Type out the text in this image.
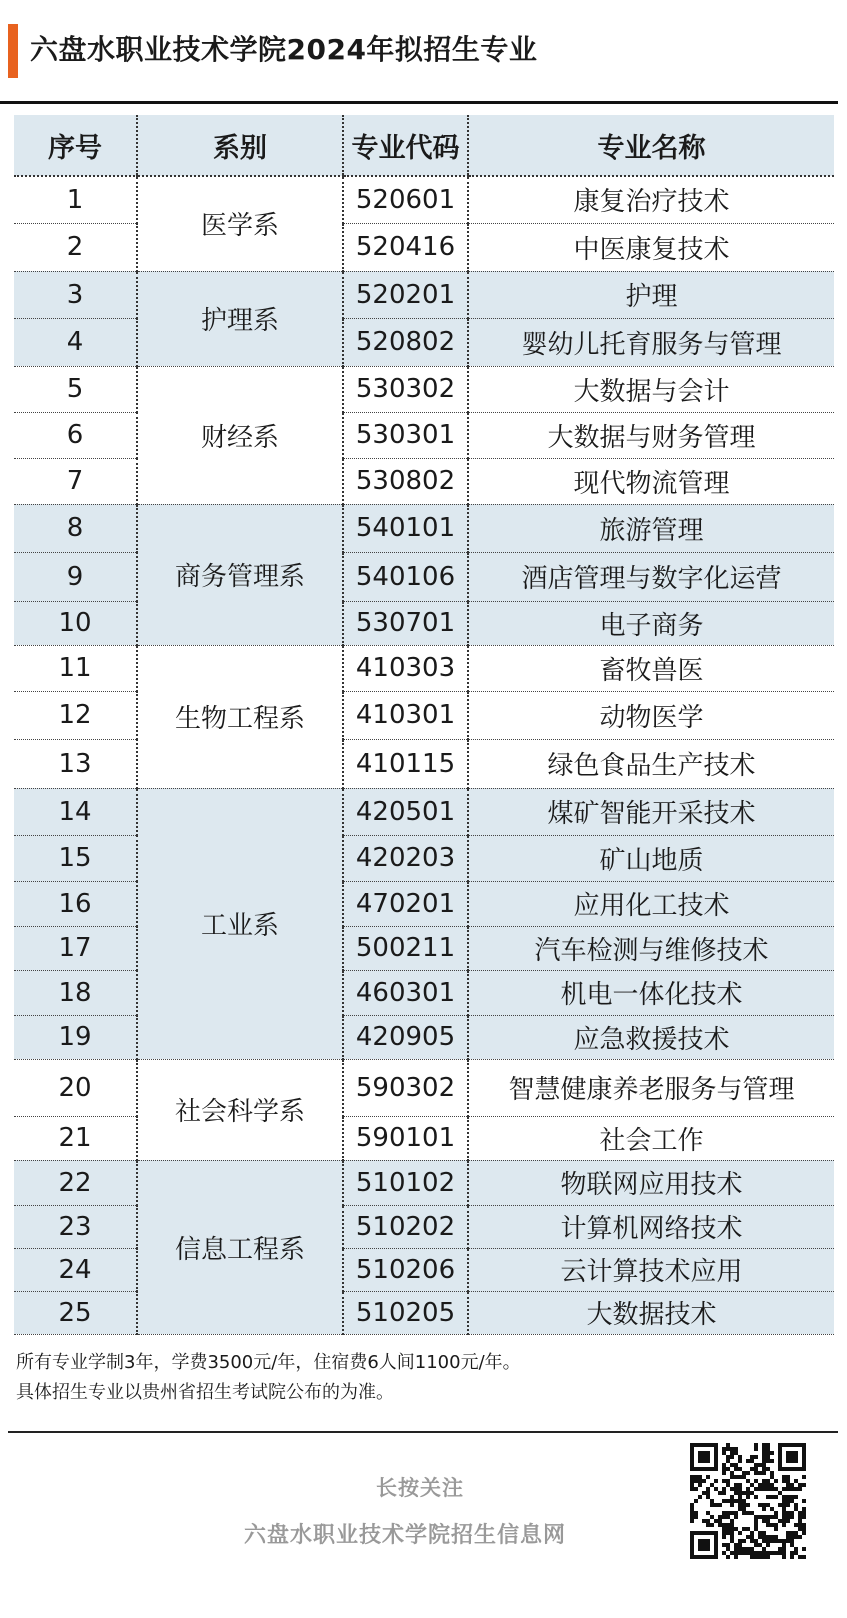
六盘水职业技术学院2024年拟招生专业
序号	系别	专业代码	专业名称
1	医学系	520601	康复治疗技术
2		520416	中医康复技术
3	护理系	520201	护理
4		520802	婴幼儿托育服务与管理
5	财经系	530302	大数据与会计
6		530301	大数据与财务管理
7		530802	现代物流管理
8	商务管理系	540101	旅游管理
9		540106	酒店管理与数字化运营
10		530701	电子商务
11	生物工程系	410303	畜牧兽医
12		410301	动物医学
13		410115	绿色食品生产技术
14	工业系	420501	煤矿智能开采技术
15		420203	矿山地质
16		470201	应用化工技术
17		500211	汽车检测与维修技术
18		460301	机电一体化技术
19		420905	应急救援技术
20	社会科学系	590302	智慧健康养老服务与管理
21		590101	社会工作
22	信息工程系	510102	物联网应用技术
23		510202	计算机网络技术
24		510206	云计算技术应用
25		510205	大数据技术
所有专业学制3年，学费3500元/年，住宿费6人间1100元/年。
具体招生专业以贵州省招生考试院公布的为准。
长按关注
六盘水职业技术学院招生信息网
